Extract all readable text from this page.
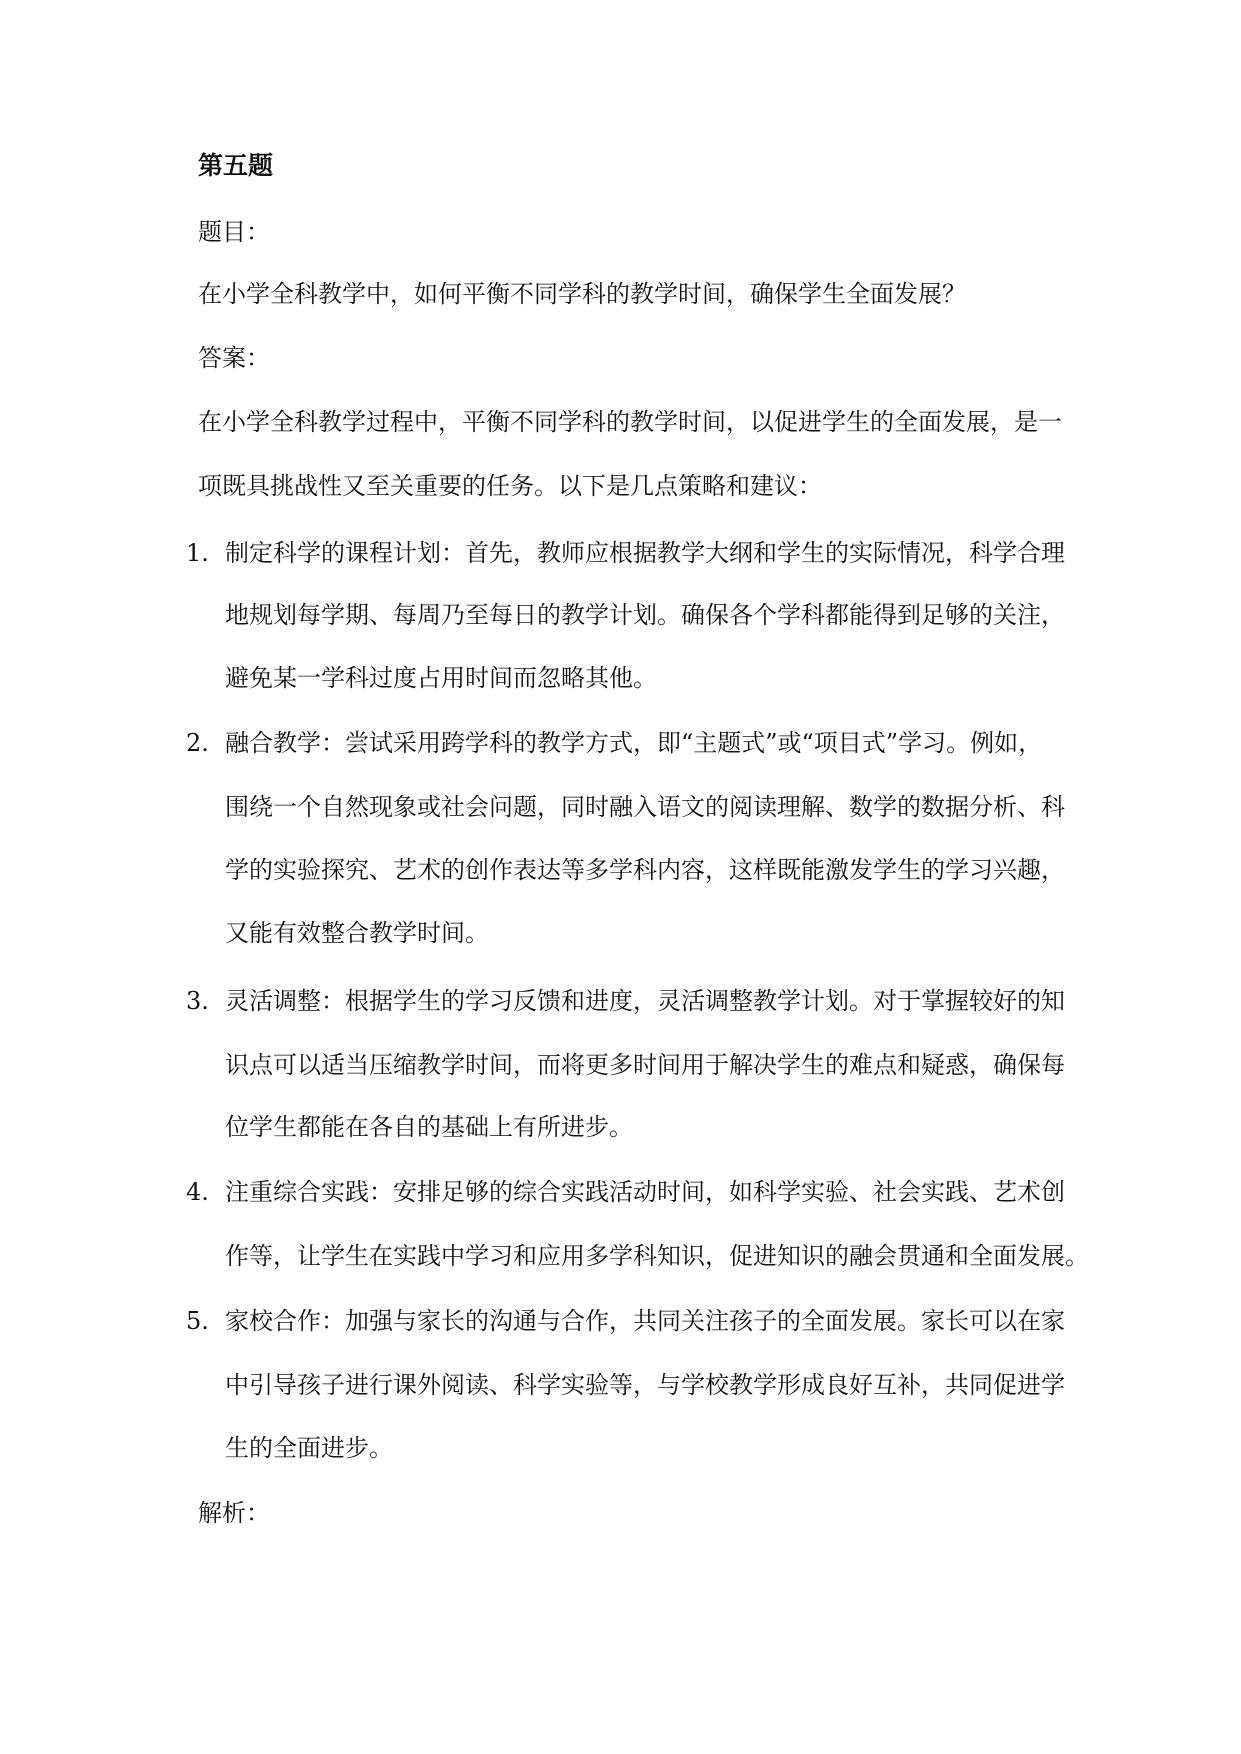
第五题
题目：
在小学全科教学中，如何平衡不同学科的教学时间，确保学生全面发展？
答案：
在小学全科教学过程中，平衡不同学科的教学时间，以促进学生的全面发展，是一
项既具挑战性又至关重要的任务。以下是几点策略和建议：
1. 制定科学的课程计划：首先，教师应根据教学大纲和学生的实际情况，科学合理
地规划每学期、每周乃至每日的教学计划。确保各个学科都能得到足够的关注，
避免某一学科过度占用时间而忽略其他。
2. 融合教学：尝试采用跨学科的教学方式，即“主题式”或“项目式”学习。例如，
围绕一个自然现象或社会问题，同时融入语文的阅读理解、数学的数据分析、科
学的实验探究、艺术的创作表达等多学科内容，这样既能激发学生的学习兴趣，
又能有效整合教学时间。
3. 灵活调整：根据学生的学习反馈和进度，灵活调整教学计划。对于掌握较好的知
识点可以适当压缩教学时间，而将更多时间用于解决学生的难点和疑惑，确保每
位学生都能在各自的基础上有所进步。
4. 注重综合实践：安排足够的综合实践活动时间，如科学实验、社会实践、艺术创
作等，让学生在实践中学习和应用多学科知识，促进知识的融会贯通和全面发展。
5. 家校合作：加强与家长的沟通与合作，共同关注孩子的全面发展。家长可以在家
中引导孩子进行课外阅读、科学实验等，与学校教学形成良好互补，共同促进学
生的全面进步。
解析：
